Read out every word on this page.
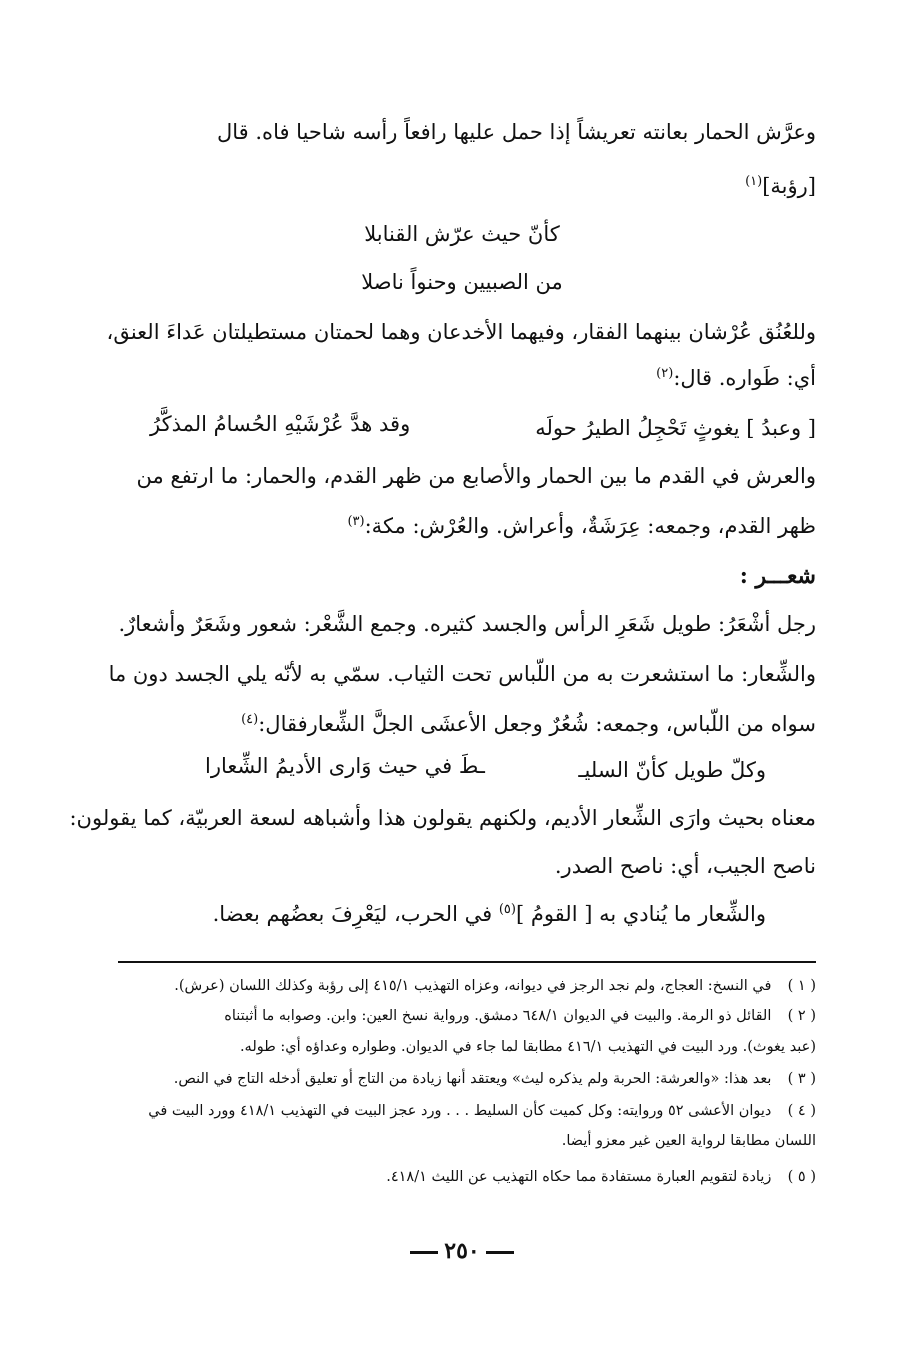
وعرَّش الحمار بعانته تعريشاً إذا حمل عليها رافعاً رأسه شاحيا فاه. قال
[رؤبة]$^{(١)}$
كأنّ حيث عرّش القنابلا
من الصبيين وحنواً ناصلا
وللعُنُق عُرْشان بينهما الفقار، وفيهما الأخدعان وهما لحمتان مستطيلتان عَداءَ العنق،
أي: طَواره. قال:$^{(٢)}$
[ وعبدُ ] يغوثٍ تَحْجِلُ الطيرُ حولَه
وقد هدَّ عُرْشَيْهِ الحُسامُ المذكَّرُ
والعرش في القدم ما بين الحمار والأصابع من ظهر القدم، والحمار: ما ارتفع من
ظهر القدم، وجمعه: عِرَشَةٌ، وأعراش. والعُرْش: مكة:$^{(٣)}$
شعـــر :
رجل أشْعَرُ: طويل شَعَرِ الرأس والجسد كثيره. وجمع الشَّعْر: شعور وشَعَرٌ وأشعارٌ.
والشِّعار: ما استشعرت به من اللّباس تحت الثياب. سمّي به لأنّه يلي الجسد دون ما
سواه من اللّباس، وجمعه: شُعُرٌ وجعل الأعشَى الجلَّ الشِّعارفقال:$^{(٤)}$
وكلّ طويل كأنّ السليـ
ـطَ في حيث وَارى الأديمُ الشِّعارا
معناه بحيث وارَى الشِّعار الأديم، ولكنهم يقولون هذا وأشباهه لسعة العربيّة، كما يقولون:
ناصح الجيب، أي: ناصح الصدر.
والشِّعار ما يُنادي به [ القومُ ]$^{(٥)}$ في الحرب، ليَعْرِفَ بعضُهم بعضا.
( ١ ) في النسخ: العجاج، ولم نجد الرجز في ديوانه، وعزاه التهذيب ٤١٥/١ إلى رؤبة وكذلك اللسان (عرش).
( ٢ ) القائل ذو الرمة. والبيت في الديوان ٦٤٨/١ دمشق. ورواية نسخ العين: وابن. وصوابه ما أثبتناه
(عبد يغوث). ورد البيت في التهذيب ٤١٦/١ مطابقا لما جاء في الديوان. وطواره وعداؤه أي: طوله.
( ٣ ) بعد هذا: «والعرشة: الحربة ولم يذكره ليث» ويعتقد أنها زيادة من التاج أو تعليق أدخله التاج في النص.
( ٤ ) ديوان الأعشى ٥٢ وروايته: وكل كميت كأن السليط . . . ورد عجز البيت في التهذيب ٤١٨/١ وورد البيت في
اللسان مطابقا لرواية العين غير معزو أيضا.
( ٥ ) زيادة لتقويم العبارة مستفادة مما حكاه التهذيب عن الليث ٤١٨/١.
٢٥٠
